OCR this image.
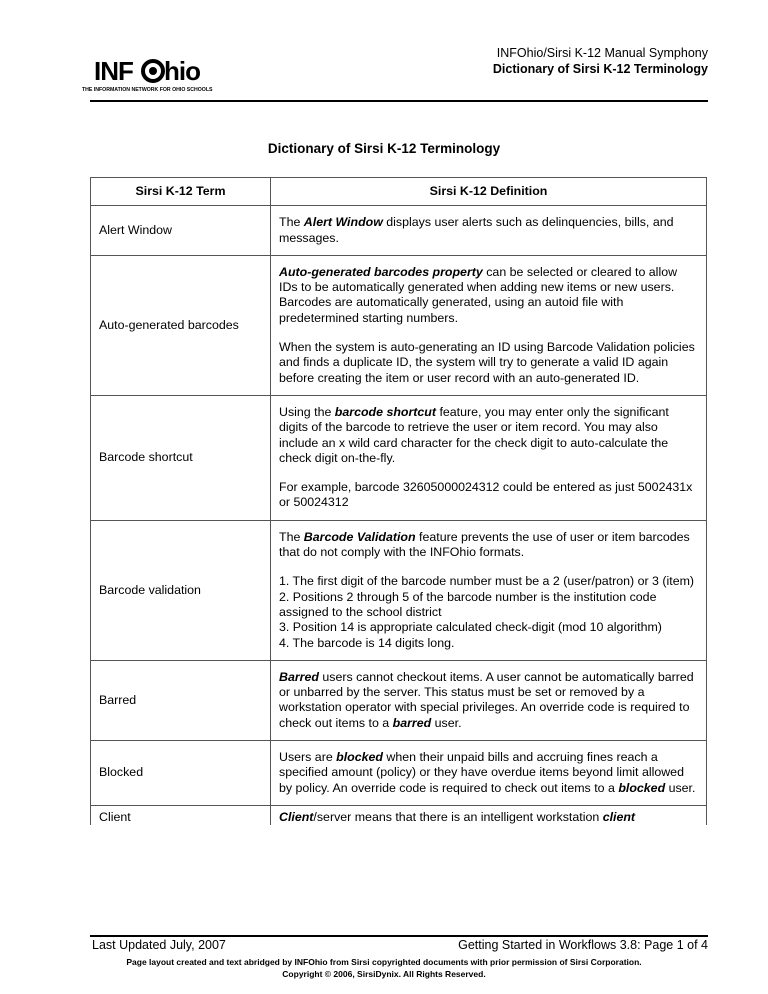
INF hio
THE INFORMATION NETWORK FOR OHIO SCHOOLS
INFOhio/Sirsi K-12 Manual Symphony
Dictionary of Sirsi K-12 Terminology
Dictionary of Sirsi K-12 Terminology
Sirsi K-12 Term	Sirsi K-12 Definition
Alert Window	The Alert Window displays user alerts such as delinquencies, bills, and messages.

Auto-generated barcodes	Auto-generated barcodes property can be selected or cleared to allow IDs to be automatically generated when adding new items or new users. Barcodes are automatically generated, using an autoid file with predetermined starting numbers.
When the system is auto-generating an ID using Barcode Validation policies and finds a duplicate ID, the system will try to generate a valid ID again before creating the item or user record with an auto-generated ID.

Barcode shortcut	Using the barcode shortcut feature, you may enter only the significant digits of the barcode to retrieve the user or item record. You may also include an x wild card character for the check digit to auto-calculate the check digit on-the-fly.
For example, barcode 32605000024312 could be entered as just 5002431x or 50024312

Barcode validation	The Barcode Validation feature prevents the use of user or item barcodes that do not comply with the INFOhio formats.
1. The first digit of the barcode number must be a 2 (user/patron) or 3 (item)
2. Positions 2 through 5 of the barcode number is the institution code assigned to the school district
3. Position 14 is appropriate calculated check-digit (mod 10 algorithm)
4. The barcode is 14 digits long.

Barred	Barred users cannot checkout items. A user cannot be automatically barred or unbarred by the server. This status must be set or removed by a workstation operator with special privileges. An override code is required to check out items to a barred user.

Blocked	Users are blocked when their unpaid bills and accruing fines reach a specified amount (policy) or they have overdue items beyond limit allowed by policy. An override code is required to check out items to a blocked user.

Client	Client/server means that there is an intelligent workstation client
Last Updated July, 2007	Getting Started in Workflows 3.8: Page 1 of 4
Page layout created and text abridged by INFOhio from Sirsi copyrighted documents with prior permission of Sirsi Corporation.
Copyright © 2006, SirsiDynix. All Rights Reserved.
